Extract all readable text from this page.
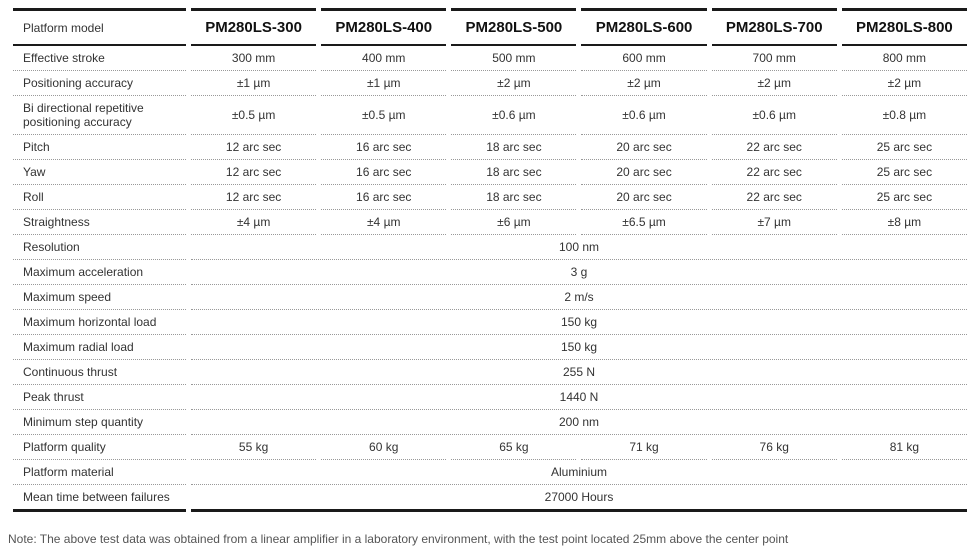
Platform model	PM280LS-300	PM280LS-400	PM280LS-500	PM280LS-600	PM280LS-700	PM280LS-800
Effective stroke	300 mm	400 mm	500 mm	600 mm	700 mm	800 mm
Positioning accuracy	±1 µm	±1 µm	±2 µm	±2 µm	±2 µm	±2 µm
Bi directional repetitive positioning accuracy	±0.5 µm	±0.5 µm	±0.6 µm	±0.6 µm	±0.6 µm	±0.8 µm
Pitch	12 arc sec	16 arc sec	18 arc sec	20 arc sec	22 arc sec	25 arc sec
Yaw	12 arc sec	16 arc sec	18 arc sec	20 arc sec	22 arc sec	25 arc sec
Roll	12 arc sec	16 arc sec	18 arc sec	20 arc sec	22 arc sec	25 arc sec
Straightness	±4 µm	±4 µm	±6 µm	±6.5 µm	±7 µm	±8 µm
Resolution	100 nm					
Maximum acceleration	3 g					
Maximum speed	2 m/s					
Maximum horizontal load	150 kg					
Maximum radial load	150 kg					
Continuous thrust	255 N					
Peak thrust	1440 N					
Minimum step quantity	200 nm					
Platform quality	55 kg	60 kg	65 kg	71 kg	76 kg	81 kg
Platform material	Aluminium					
Mean time between failures	27000 Hours					

Note: The above test data was obtained from a linear amplifier in a laboratory environment, with the test point located 25mm above the center point
